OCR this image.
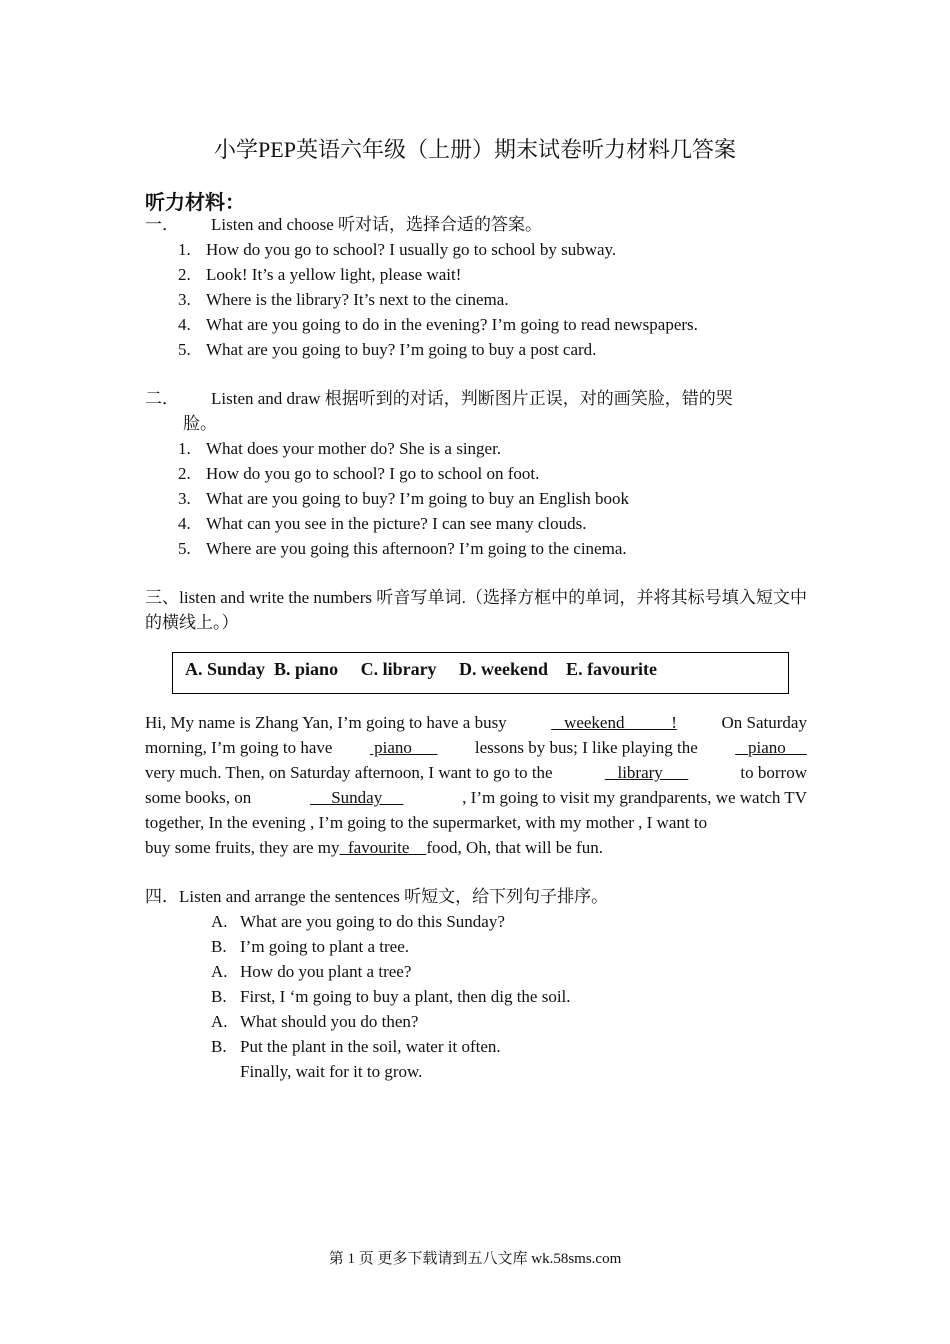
小学PEP英语六年级（上册）期末试卷听力材料几答案
听力材料：
一． Listen and choose 听对话，选择合适的答案。
1. How do you go to school? I usually go to school by subway.
2. Look! It’s a yellow light, please wait!
3. Where is the library? It’s next to the cinema.
4. What are you going to do in the evening? I’m going to read newspapers.
5. What are you going to buy? I’m going to buy a post card.
二． Listen and draw 根据听到的对话，判断图片正误，对的画笑脸，错的哭
脸。
1. What does your mother do? She is a singer.
2. How do you go to school? I go to school on foot.
3. What are you going to buy? I’m going to buy an English book
4. What can you see in the picture? I can see many clouds.
5. Where are you going this afternoon? I’m going to the cinema.
三、listen and write the numbers 听音写单词.（选择方框中的单词，并将其标号填入短文中的横线上。）
A. Sunday  B. piano     C. library     D. weekend    E. favourite
Hi, My name is Zhang Yan, I’m going to have a busy	_ weekend _____!	On Saturday
morning, I’m going to have piano lessons by bus; I like playing the _piano
very much. Then, on Saturday afternoon, I want to go to the	_library	to borrow
some books, on	Sunday	, I’m going to visit my grandparents, we watch TV
together, In the evening , I’m going to the supermarket, with my mother , I want to
buy some fruits, they are my favourite food, Oh, that will be fun.
四．Listen and arrange the sentences 听短文，给下列句子排序。
A. What are you going to do this Sunday?
B. I’m going to plant a tree.
A. How do you plant a tree?
B. First, I ‘m going to buy a plant, then dig the soil.
A. What should you do then?
B. Put the plant in the soil, water it often.
Finally, wait for it to grow.
第 1 页 更多下载请到五八文库 wk.58sms.com
